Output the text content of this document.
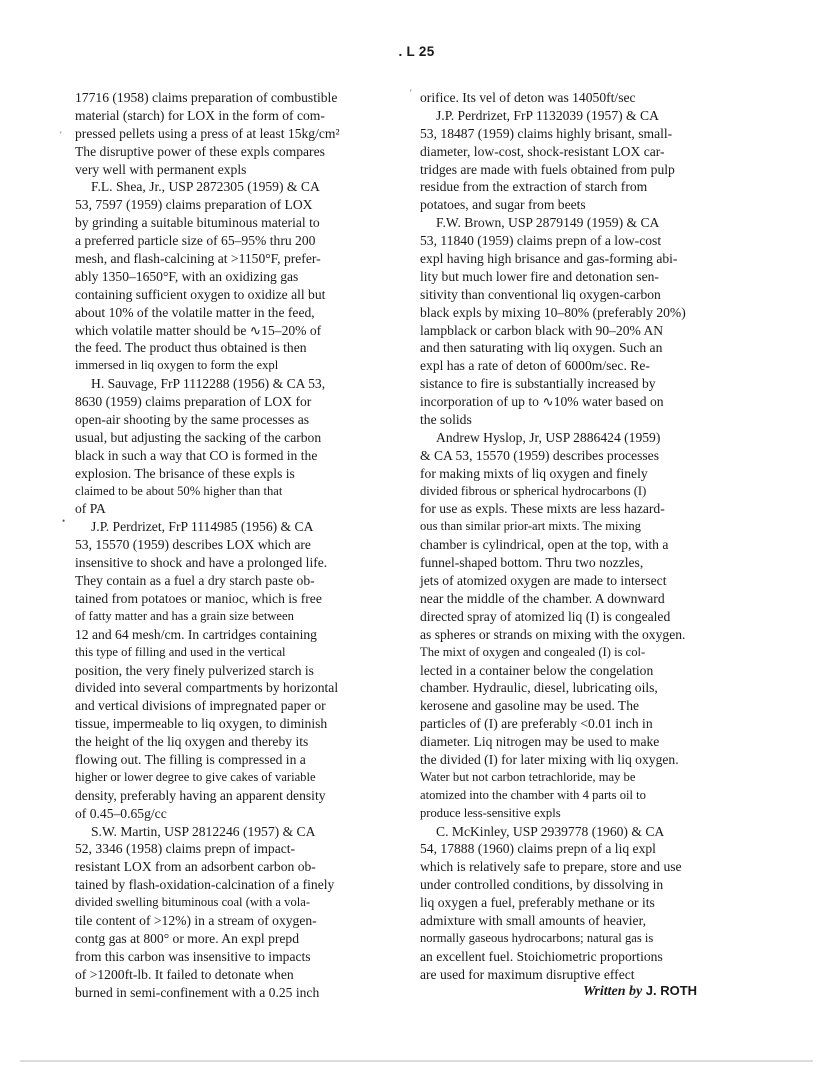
. L 25
'
•
'
17716 (1958) claims preparation of combustible
material (starch) for LOX in the form of com-
pressed pellets using a press of at least 15kg/cm²
The disruptive power of these expls compares
very well with permanent expls
F.L. Shea, Jr., USP 2872305 (1959) & CA
53, 7597 (1959) claims preparation of LOX
by grinding a suitable bituminous material to
a preferred particle size of 65–95% thru 200
mesh, and flash-calcining at >1150°F, prefer-
ably 1350–1650°F, with an oxidizing gas
containing sufficient oxygen to oxidize all but
about 10% of the volatile matter in the feed,
which volatile matter should be ∿15–20% of
the feed. The product thus obtained is then
immersed in liq oxygen to form the expl
H. Sauvage, FrP 1112288 (1956) & CA 53,
8630 (1959) claims preparation of LOX for
open-air shooting by the same processes as
usual, but adjusting the sacking of the carbon
black in such a way that CO is formed in the
explosion. The brisance of these expls is
claimed to be about 50% higher than that
of PA
J.P. Perdrizet, FrP 1114985 (1956) & CA
53, 15570 (1959) describes LOX which are
insensitive to shock and have a prolonged life.
They contain as a fuel a dry starch paste ob-
tained from potatoes or manioc, which is free
of fatty matter and has a grain size between
12 and 64 mesh/cm. In cartridges containing
this type of filling and used in the vertical
position, the very finely pulverized starch is
divided into several compartments by horizontal
and vertical divisions of impregnated paper or
tissue, impermeable to liq oxygen, to diminish
the height of the liq oxygen and thereby its
flowing out. The filling is compressed in a
higher or lower degree to give cakes of variable
density, preferably having an apparent density
of 0.45–0.65g/cc
S.W. Martin, USP 2812246 (1957) & CA
52, 3346 (1958) claims prepn of impact-
resistant LOX from an adsorbent carbon ob-
tained by flash-oxidation-calcination of a finely
divided swelling bituminous coal (with a vola-
tile content of >12%) in a stream of oxygen-
contg gas at 800° or more. An expl prepd
from this carbon was insensitive to impacts
of >1200ft-lb. It failed to detonate when
burned in semi-confinement with a 0.25 inch
orifice. Its vel of deton was 14050ft/sec
J.P. Perdrizet, FrP 1132039 (1957) & CA
53, 18487 (1959) claims highly brisant, small-
diameter, low-cost, shock-resistant LOX car-
tridges are made with fuels obtained from pulp
residue from the extraction of starch from
potatoes, and sugar from beets
F.W. Brown, USP 2879149 (1959) & CA
53, 11840 (1959) claims prepn of a low-cost
expl having high brisance and gas-forming abi-
lity but much lower fire and detonation sen-
sitivity than conventional liq oxygen-carbon
black expls by mixing 10–80% (preferably 20%)
lampblack or carbon black with 90–20% AN
and then saturating with liq oxygen. Such an
expl has a rate of deton of 6000m/sec. Re-
sistance to fire is substantially increased by
incorporation of up to ∿10% water based on
the solids
Andrew Hyslop, Jr, USP 2886424 (1959)
& CA 53, 15570 (1959) describes processes
for making mixts of liq oxygen and finely
divided fibrous or spherical hydrocarbons (I)
for use as expls. These mixts are less hazard-
ous than similar prior-art mixts. The mixing
chamber is cylindrical, open at the top, with a
funnel-shaped bottom. Thru two nozzles,
jets of atomized oxygen are made to intersect
near the middle of the chamber. A downward
directed spray of atomized liq (I) is congealed
as spheres or strands on mixing with the oxygen.
The mixt of oxygen and congealed (I) is col-
lected in a container below the congelation
chamber. Hydraulic, diesel, lubricating oils,
kerosene and gasoline may be used. The
particles of (I) are preferably <0.01 inch in
diameter. Liq nitrogen may be used to make
the divided (I) for later mixing with liq oxygen.
Water but not carbon tetrachloride, may be
atomized into the chamber with 4 parts oil to
produce less-sensitive expls
C. McKinley, USP 2939778 (1960) & CA
54, 17888 (1960) claims prepn of a liq expl
which is relatively safe to prepare, store and use
under controlled conditions, by dissolving in
liq oxygen a fuel, preferably methane or its
admixture with small amounts of heavier,
normally gaseous hydrocarbons; natural gas is
an excellent fuel. Stoichiometric proportions
are used for maximum disruptive effect
Written by J. ROTH
